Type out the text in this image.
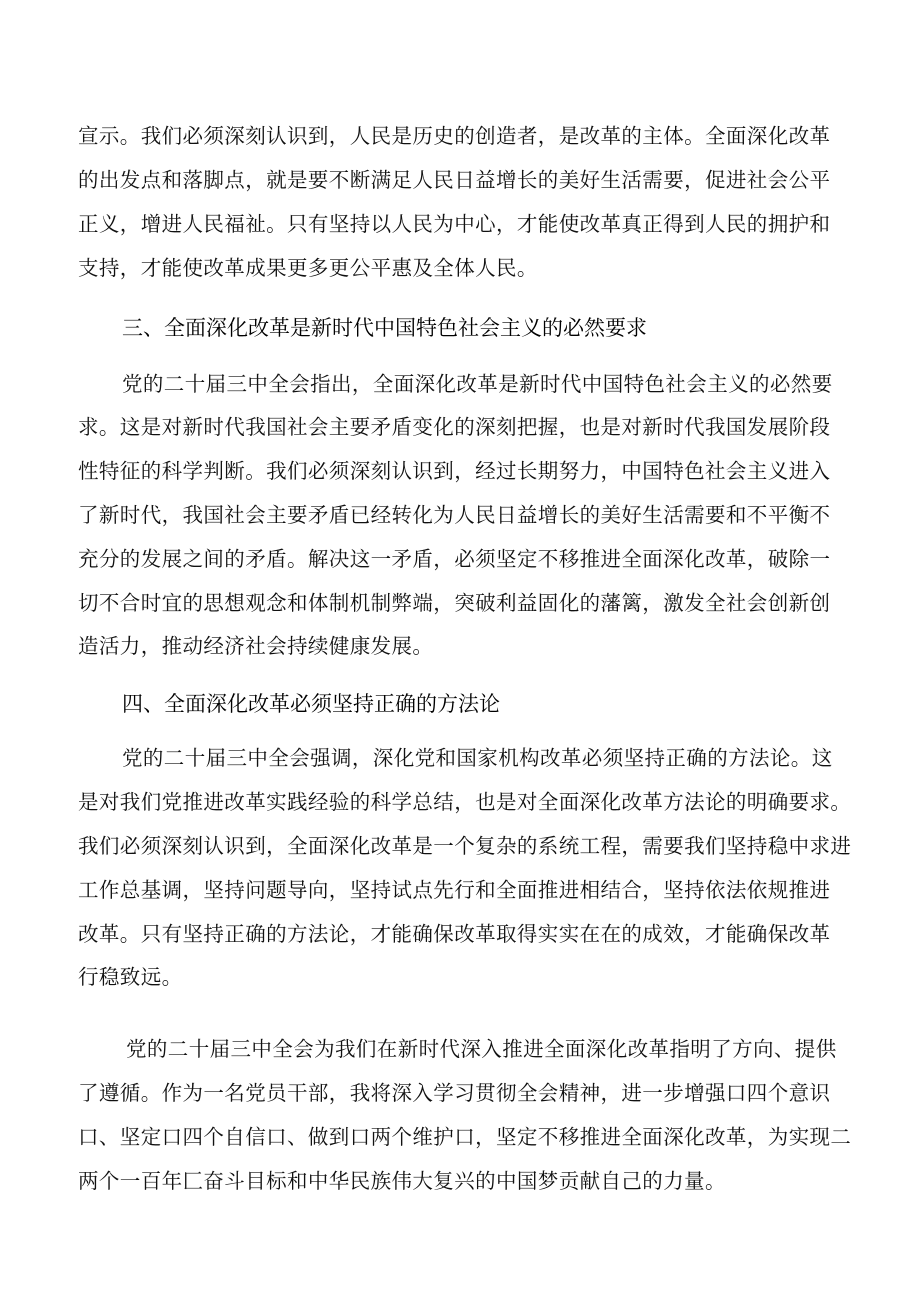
宣示。我们必须深刻认识到，人民是历史的创造者，是改革的主体。全面深化改革
的出发点和落脚点，就是要不断满足人民日益增长的美好生活需要，促进社会公平
正义，增进人民福祉。只有坚持以人民为中心，才能使改革真正得到人民的拥护和
支持，才能使改革成果更多更公平惠及全体人民。
三、全面深化改革是新时代中国特色社会主义的必然要求
党的二十届三中全会指出，全面深化改革是新时代中国特色社会主义的必然要
求。这是对新时代我国社会主要矛盾变化的深刻把握，也是对新时代我国发展阶段
性特征的科学判断。我们必须深刻认识到，经过长期努力，中国特色社会主义进入
了新时代，我国社会主要矛盾已经转化为人民日益增长的美好生活需要和不平衡不
充分的发展之间的矛盾。解决这一矛盾，必须坚定不移推进全面深化改革，破除一
切不合时宜的思想观念和体制机制弊端，突破利益固化的藩篱，激发全社会创新创
造活力，推动经济社会持续健康发展。
四、全面深化改革必须坚持正确的方法论
党的二十届三中全会强调，深化党和国家机构改革必须坚持正确的方法论。这
是对我们党推进改革实践经验的科学总结，也是对全面深化改革方法论的明确要求。
我们必须深刻认识到，全面深化改革是一个复杂的系统工程，需要我们坚持稳中求进
工作总基调，坚持问题导向，坚持试点先行和全面推进相结合，坚持依法依规推进
改革。只有坚持正确的方法论，才能确保改革取得实实在在的成效，才能确保改革
行稳致远。
党的二十届三中全会为我们在新时代深入推进全面深化改革指明了方向、提供
了遵循。作为一名党员干部，我将深入学习贯彻全会精神，进一步增强口四个意识
口、坚定口四个自信口、做到口两个维护口，坚定不移推进全面深化改革，为实现二
两个一百年匚奋斗目标和中华民族伟大复兴的中国梦贡献自己的力量。
